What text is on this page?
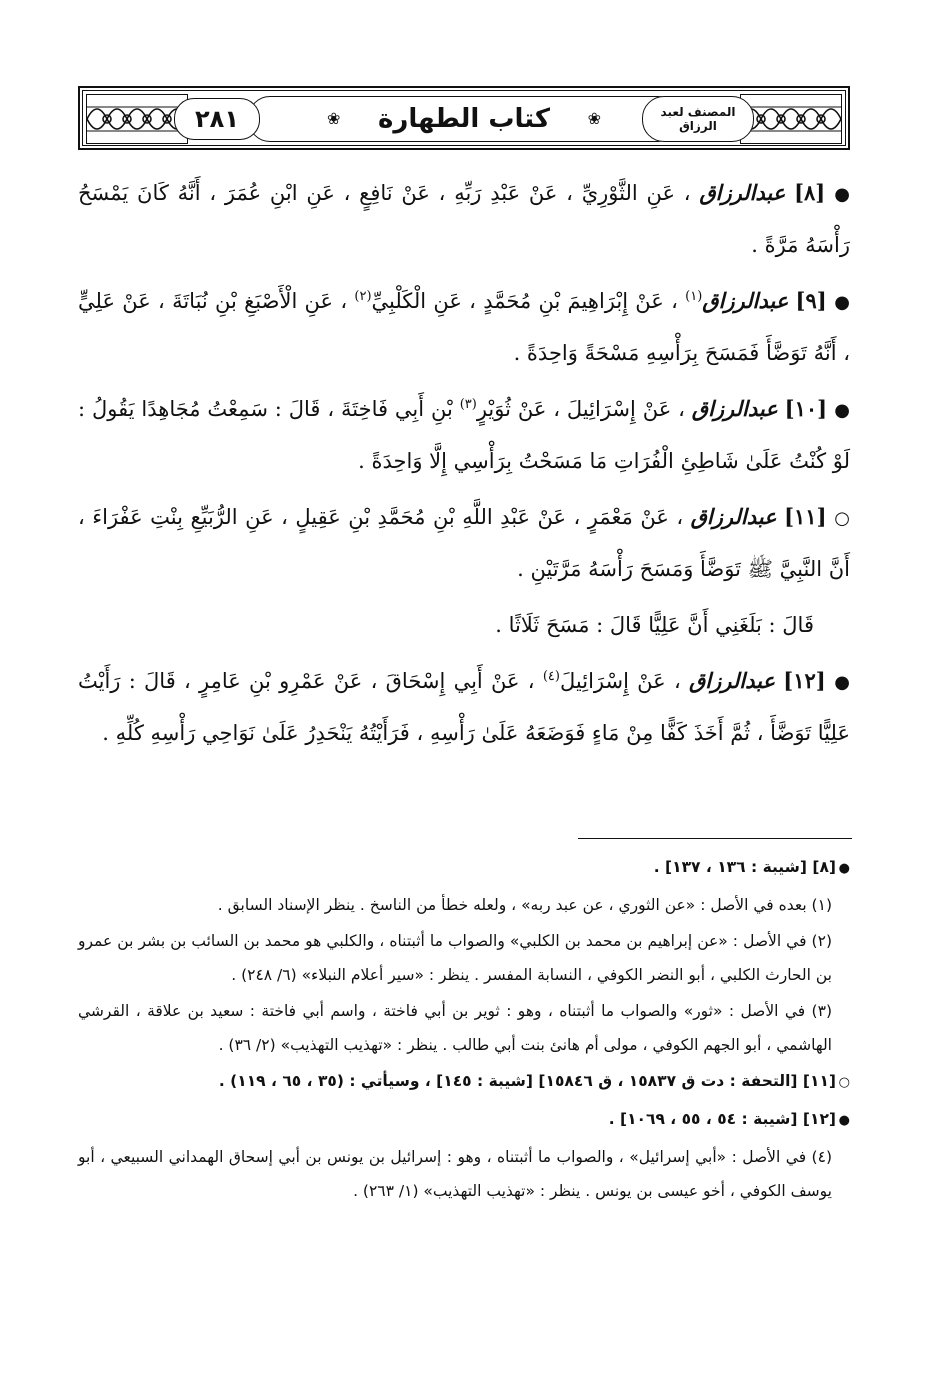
❀ كتاب الطهارة ❀
٢٨١	المصنف لعبد الرزاق

● [٨] عبدالرزاق ، عَنِ الثَّوْرِيِّ ، عَنْ عَبْدِ رَبِّهِ ، عَنْ نَافِعٍ ، عَنِ ابْنِ عُمَرَ ، أَنَّهُ كَانَ يَمْسَحُ رَأْسَهُ مَرَّةً .

● [٩] عبدالرزاق$^{(١)}$ ، عَنْ إِبْرَاهِيمَ بْنِ مُحَمَّدٍ ، عَنِ الْكَلْبِيِّ$^{(٢)}$ ، عَنِ الْأَصْبَغِ بْنِ نُبَاتَةَ ، عَنْ عَلِيٍّ ، أَنَّهُ تَوَضَّأَ فَمَسَحَ بِرَأْسِهِ مَسْحَةً وَاحِدَةً .

● [١٠] عبدالرزاق ، عَنْ إِسْرَائِيلَ ، عَنْ ثُوَيْرٍ$^{(٣)}$ بْنِ أَبِي فَاخِتَةَ ، قَالَ : سَمِعْتُ مُجَاهِدًا يَقُولُ : لَوْ كُنْتُ عَلَىٰ شَاطِئِ الْفُرَاتِ مَا مَسَحْتُ بِرَأْسِي إِلَّا وَاحِدَةً .

○ [١١] عبدالرزاق ، عَنْ مَعْمَرٍ ، عَنْ عَبْدِ اللَّهِ بْنِ مُحَمَّدِ بْنِ عَقِيلٍ ، عَنِ الرُّبَيِّعِ بِنْتِ عَفْرَاءَ ، أَنَّ النَّبِيَّ ﷺ تَوَضَّأَ وَمَسَحَ رَأْسَهُ مَرَّتَيْنِ .

قَالَ : بَلَغَنِي أَنَّ عَلِيًّا قَالَ : مَسَحَ ثَلَاثًا .

● [١٢] عبدالرزاق ، عَنْ إِسْرَائِيلَ$^{(٤)}$ ، عَنْ أَبِي إِسْحَاقَ ، عَنْ عَمْرِو بْنِ عَامِرٍ ، قَالَ : رَأَيْتُ عَلِيًّا تَوَضَّأَ ، ثُمَّ أَخَذَ كَفًّا مِنْ مَاءٍ فَوَضَعَهُ عَلَىٰ رَأْسِهِ ، فَرَأَيْتُهُ يَنْحَدِرُ عَلَىٰ نَوَاحِي رَأْسِهِ كُلِّهِ .

●[٨] [شيبة : ١٣٦ ، ١٣٧] .

(١) بعده في الأصل : «عن الثوري ، عن عبد ربه» ، ولعله خطأ من الناسخ . ينظر الإسناد السابق .

(٢) في الأصل : «عن إبراهيم بن محمد بن الكلبي» والصواب ما أثبتناه ، والكلبي هو محمد بن السائب بن بشر بن عمرو بن الحارث الكلبي ، أبو النضر الكوفي ، النسابة المفسر . ينظر : «سير أعلام النبلاء» (٦/ ٢٤٨) .

(٣) في الأصل : «ثور» والصواب ما أثبتناه ، وهو : ثوير بن أبي فاختة ، واسم أبي فاختة : سعيد بن علاقة ، القرشي الهاشمي ، أبو الجهم الكوفي ، مولى أم هانئ بنت أبي طالب . ينظر : «تهذيب التهذيب» (٢/ ٣٦) .

○[١١] [التحفة : دت ق ١٥٨٣٧ ، ق ١٥٨٤٦] [شيبة : ١٤٥] ، وسيأتي : (٣٥ ، ٦٥ ، ١١٩) .

●[١٢] [شيبة : ٥٤ ، ٥٥ ، ١٠٦٩] .

(٤) في الأصل : «أبي إسرائيل» ، والصواب ما أثبتناه ، وهو : إسرائيل بن يونس بن أبي إسحاق الهمداني السبيعي ، أبو يوسف الكوفي ، أخو عيسى بن يونس . ينظر : «تهذيب التهذيب» (١/ ٢٦٣) .
